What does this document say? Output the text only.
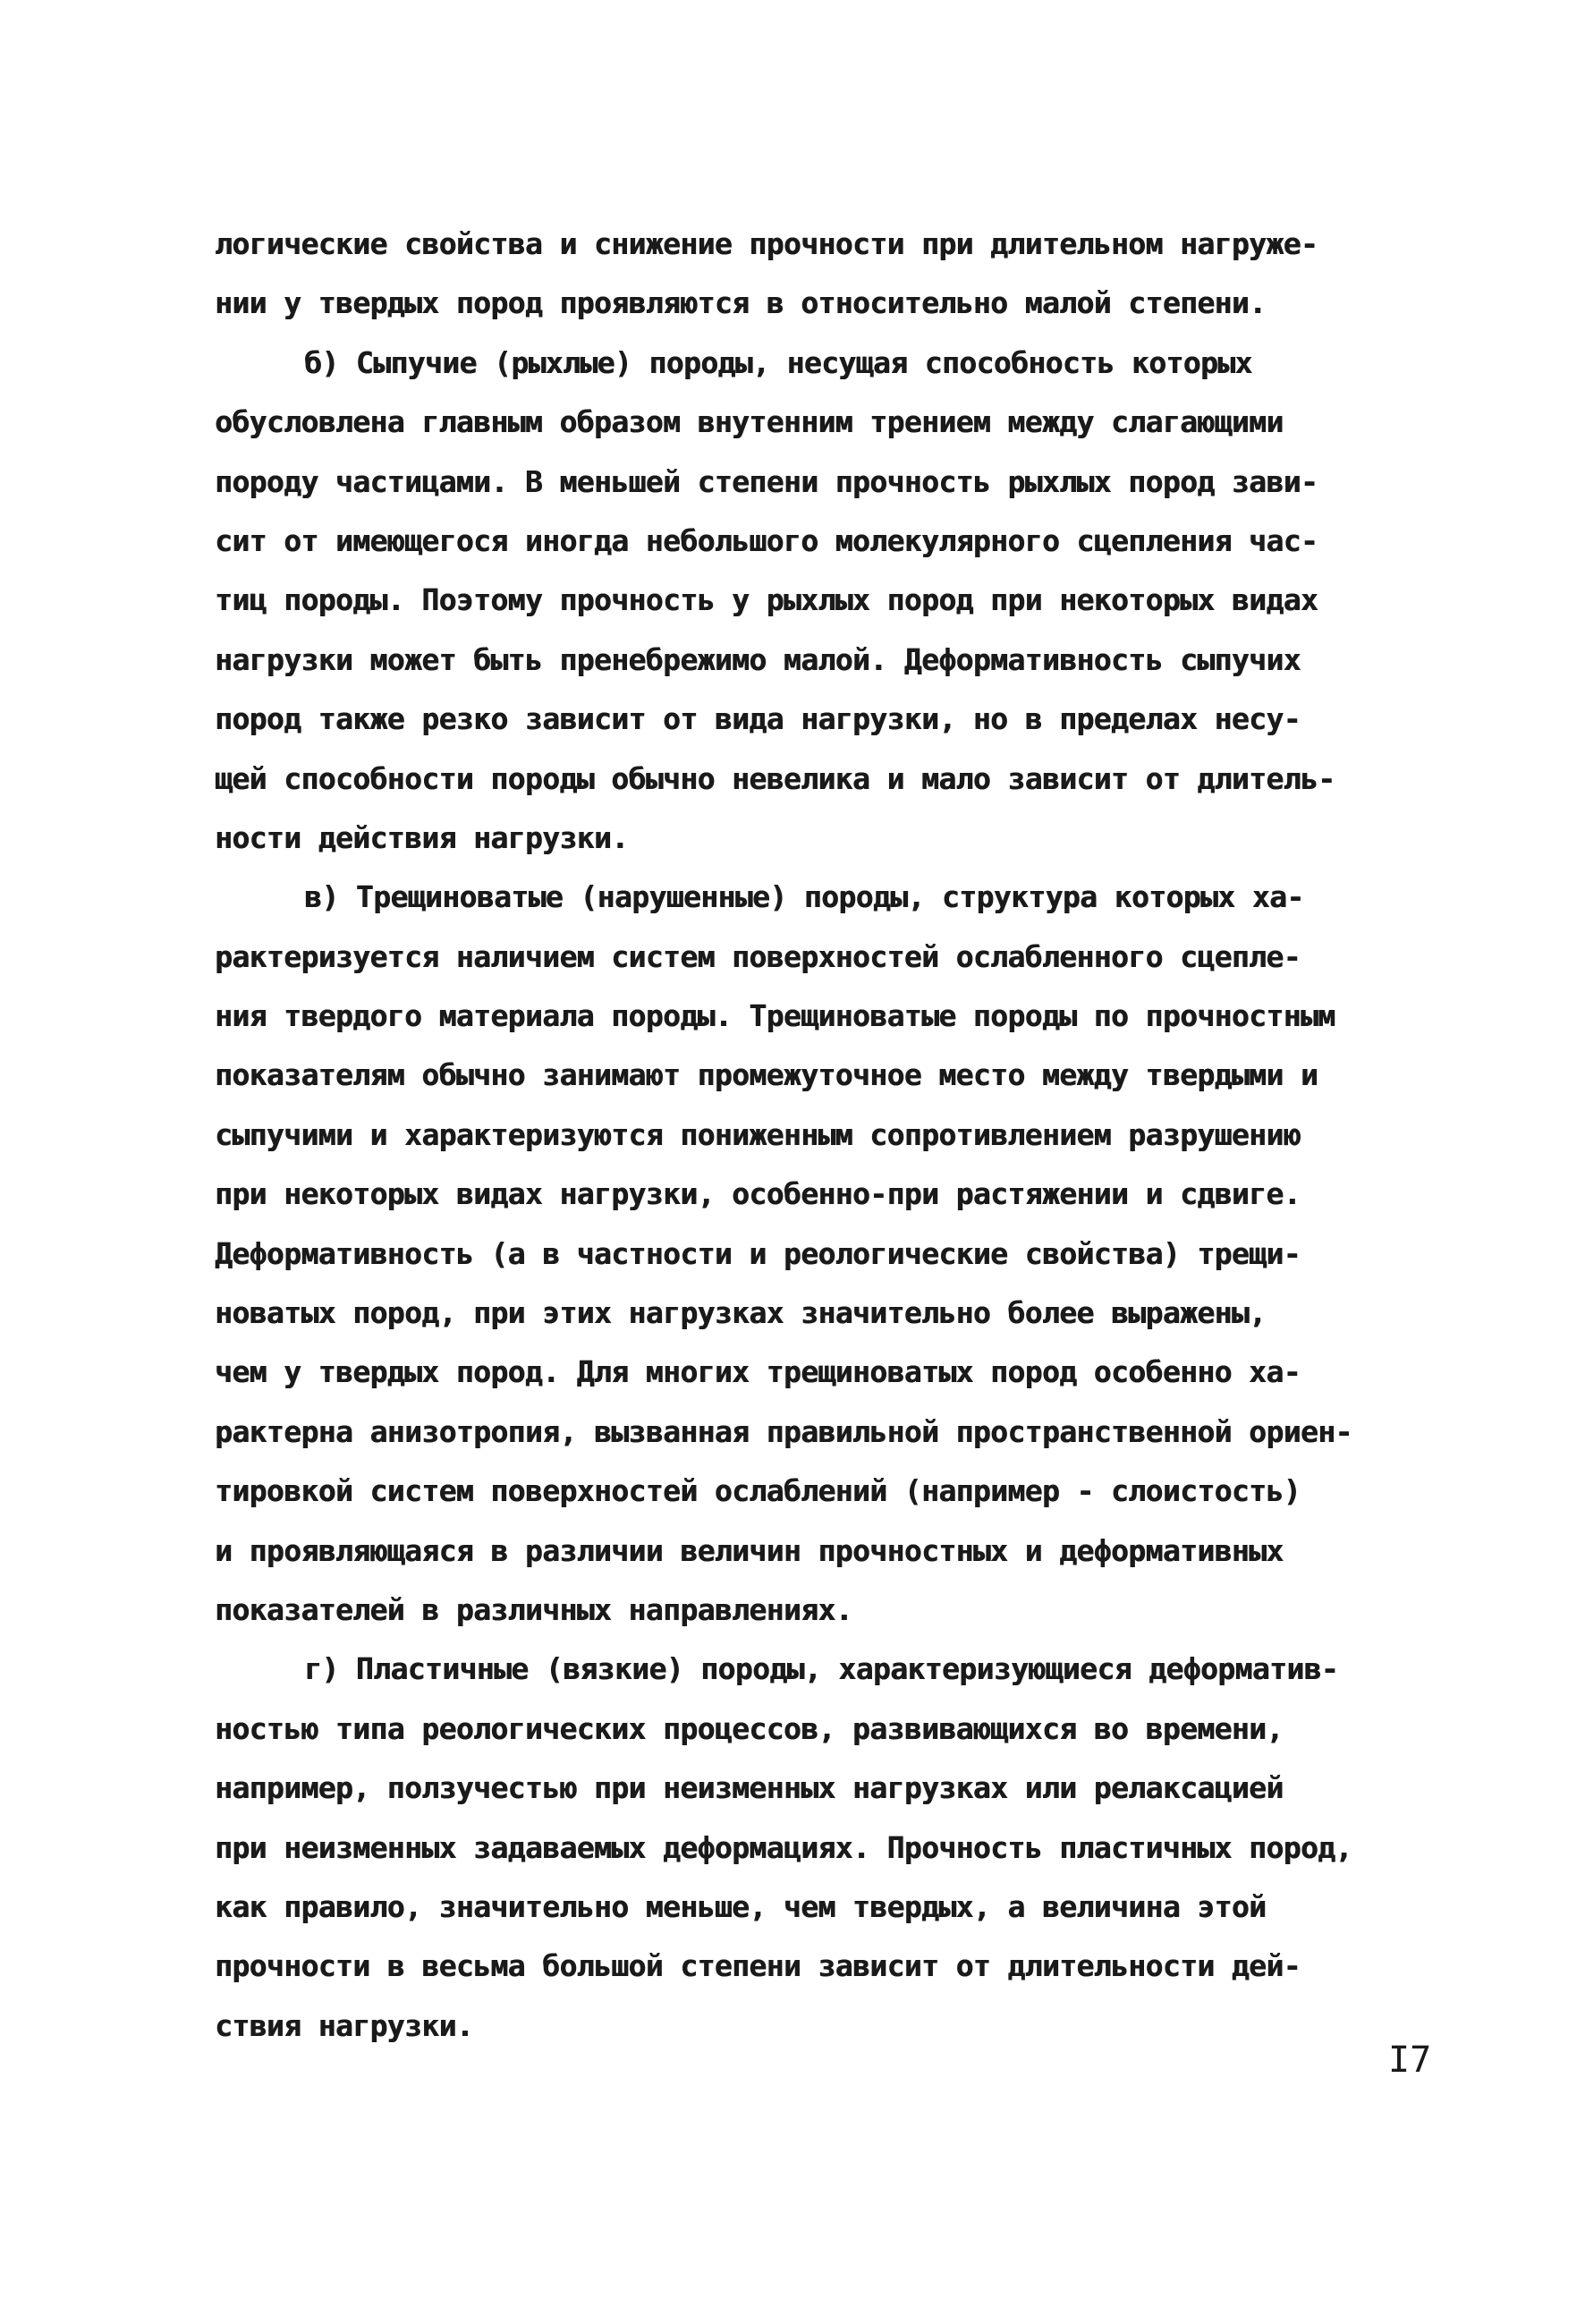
логические свойства и снижение прочности при длительном нагруже-
нии у твердых пород проявляются в относительно малой степени.
б) Сыпучие (рыхлые) породы, несущая способность которых
обусловлена главным образом внутенним трением между слагающими
породу частицами. В меньшей степени прочность рыхлых пород зави-
сит от имеющегося иногда небольшого молекулярного сцепления час-
тиц породы. Поэтому прочность у рыхлых пород при некоторых видах
нагрузки может быть пренебрежимо малой. Деформативность сыпучих
пород также резко зависит от вида нагрузки, но в пределах несу-
щей способности породы обычно невелика и мало зависит от длитель-
ности действия нагрузки.
в) Трещиноватые (нарушенные) породы, структура которых ха-
рактеризуется наличием систем поверхностей ослабленного сцепле-
ния твердого материала породы. Трещиноватые породы по прочностным
показателям обычно занимают промежуточное место между твердыми и
сыпучими и характеризуются пониженным сопротивлением разрушению
при некоторых видах нагрузки, особенно-при растяжении и сдвиге.
Деформативность (а в частности и реологические свойства) трещи-
новатых пород, при этих нагрузках значительно более выражены,
чем у твердых пород. Для многих трещиноватых пород особенно ха-
рактерна анизотропия, вызванная правильной пространственной ориен-
тировкой систем поверхностей ослаблений (например - слоистость)
и проявляющаяся в различии величин прочностных и деформативных
показателей в различных направлениях.
г) Пластичные (вязкие) породы, характеризующиеся деформатив-
ностью типа реологических процессов, развивающихся во времени,
например, ползучестью при неизменных нагрузках или релаксацией
при неизменных задаваемых деформациях. Прочность пластичных пород,
как правило, значительно меньше, чем твердых, а величина этой
прочности в весьма большой степени зависит от длительности дей-
ствия нагрузки.
I7
